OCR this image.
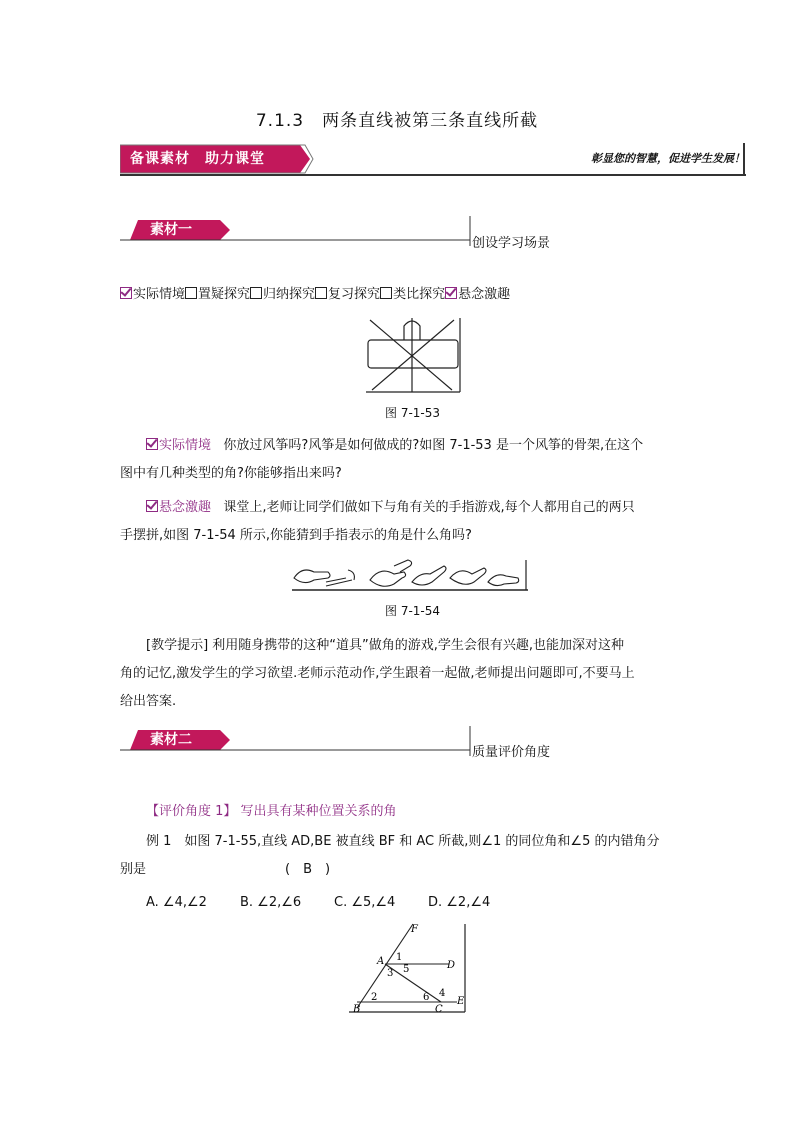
7.1.3　两条直线被第三条直线所截
备课素材　助力课堂	彰显您的智慧，促进学生发展！
素材一
创设学习场景
实际情境 置疑探究 归纳探究 复习探究 类比探究 悬念激趣
图 7-1-53
实际情境 你放过风筝吗?风筝是如何做成的?如图 7-1-53 是一个风筝的骨架,在这个
图中有几种类型的角?你能够指出来吗?
悬念激趣 课堂上,老师让同学们做如下与角有关的手指游戏,每个人都用自己的两只
手摆拼,如图 7-1-54 所示,你能猜到手指表示的角是什么角吗?
图 7-1-54
[教学提示] 利用随身携带的这种“道具”做角的游戏,学生会很有兴趣,也能加深对这种
角的记忆,激发学生的学习欲望.老师示范动作,学生跟着一起做,老师提出问题即可,不要马上
给出答案.
素材二
质量评价角度
【评价角度 1】 写出具有某种位置关系的角
例 1　如图 7-1-55,直线 AD,BE 被直线 BF 和 AC 所截,则∠1 的同位角和∠5 的内错角分
别是	(　B　)
A. ∠4,∠2	B. ∠2,∠6	C. ∠5,∠4	D. ∠2,∠4
F
A 1
5	D
3
2	6 4
E
B	C
